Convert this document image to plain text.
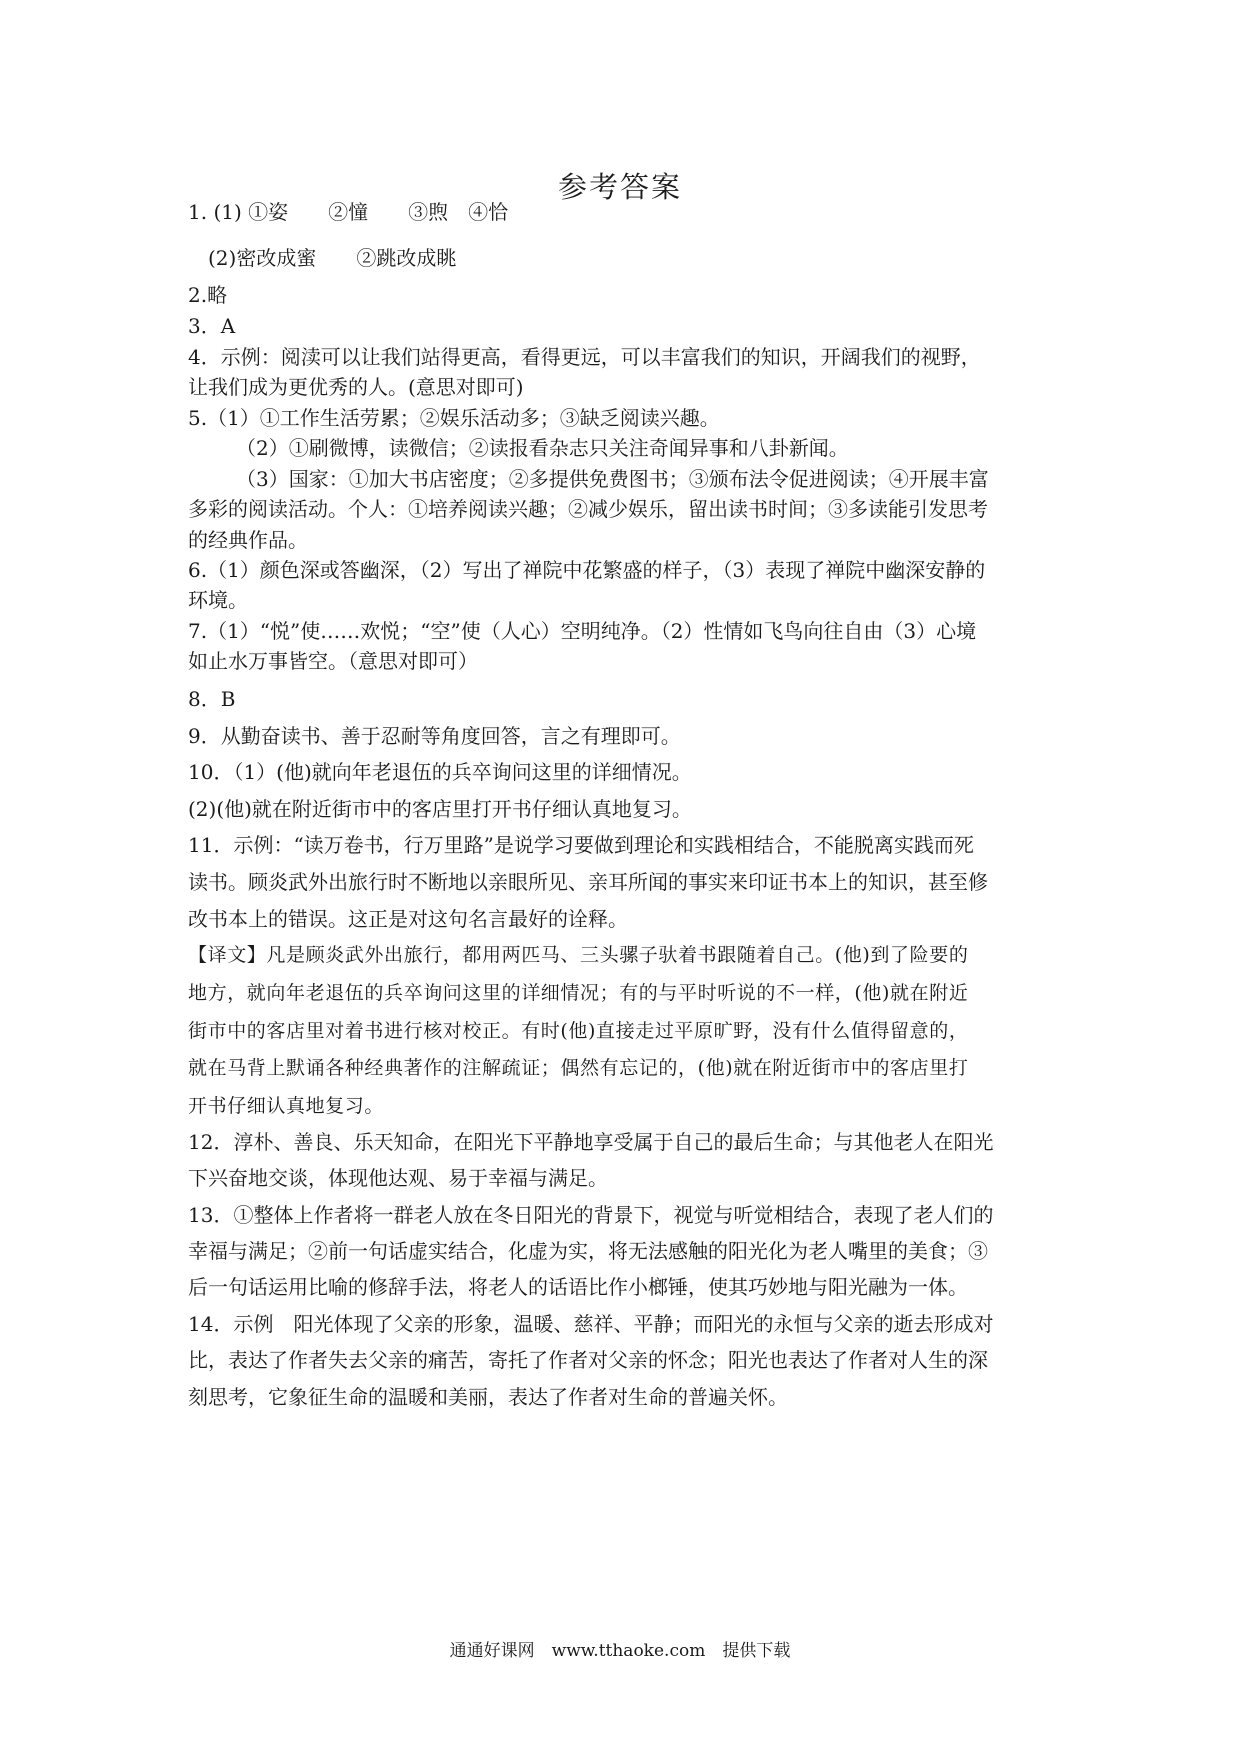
参考答案
1. (1) ①姿　　②憧　　③煦　④恰
(2)密改成蜜　　②跳改成眺
2.略
3．A
4．示例：阅渎可以让我们站得更高，看得更远，可以丰富我们的知识，开阔我们的视野，
让我们成为更优秀的人。(意思对即可)
5.（1）①工作生活劳累；②娱乐活动多；③缺乏阅读兴趣。
（2）①刷微博，读微信；②读报看杂志只关注奇闻异事和八卦新闻。
（3）国家：①加大书店密度；②多提供免费图书；③颁布法令促进阅读；④开展丰富
多彩的阅读活动。个人：①培养阅读兴趣；②减少娱乐，留出读书时间；③多读能引发思考
的经典作品。
6.（1）颜色深或答幽深，（2）写出了禅院中花繁盛的样子，（3）表现了禅院中幽深安静的
环境。
7.（1）“悦”使……欢悦；“空”使（人心）空明纯净。（2）性情如飞鸟向往自由（3）心境
如止水万事皆空。（意思对即可）
8．B
9．从勤奋读书、善于忍耐等角度回答，言之有理即可。
10．（1）(他)就向年老退伍的兵卒询问这里的详细情况。
(2)(他)就在附近街市中的客店里打开书仔细认真地复习。
11．示例：“读万卷书，行万里路”是说学习要做到理论和实践相结合，不能脱离实践而死
读书。顾炎武外出旅行时不断地以亲眼所见、亲耳所闻的事实来印证书本上的知识，甚至修
改书本上的错误。这正是对这句名言最好的诠释。
【译文】凡是顾炎武外出旅行，都用两匹马、三头骡子驮着书跟随着自己。(他)到了险要的
地方，就向年老退伍的兵卒询问这里的详细情况；有的与平时听说的不一样，(他)就在附近
街市中的客店里对着书进行核对校正。有时(他)直接走过平原旷野，没有什么值得留意的，
就在马背上默诵各种经典著作的注解疏证；偶然有忘记的，(他)就在附近街市中的客店里打
开书仔细认真地复习。
12．淳朴、善良、乐天知命，在阳光下平静地享受属于自己的最后生命；与其他老人在阳光
下兴奋地交谈，体现他达观、易于幸福与满足。
13．①整体上作者将一群老人放在冬日阳光的背景下，视觉与听觉相结合，表现了老人们的
幸福与满足；②前一句话虚实结合，化虚为实，将无法感触的阳光化为老人嘴里的美食；③
后一句话运用比喻的修辞手法，将老人的话语比作小榔锤，使其巧妙地与阳光融为一体。
14．示例　阳光体现了父亲的形象，温暖、慈祥、平静；而阳光的永恒与父亲的逝去形成对
比，表达了作者失去父亲的痛苦，寄托了作者对父亲的怀念；阳光也表达了作者对人生的深
刻思考，它象征生命的温暖和美丽，表达了作者对生命的普遍关怀。
通通好课网　www.tthaoke.com　提供下载
